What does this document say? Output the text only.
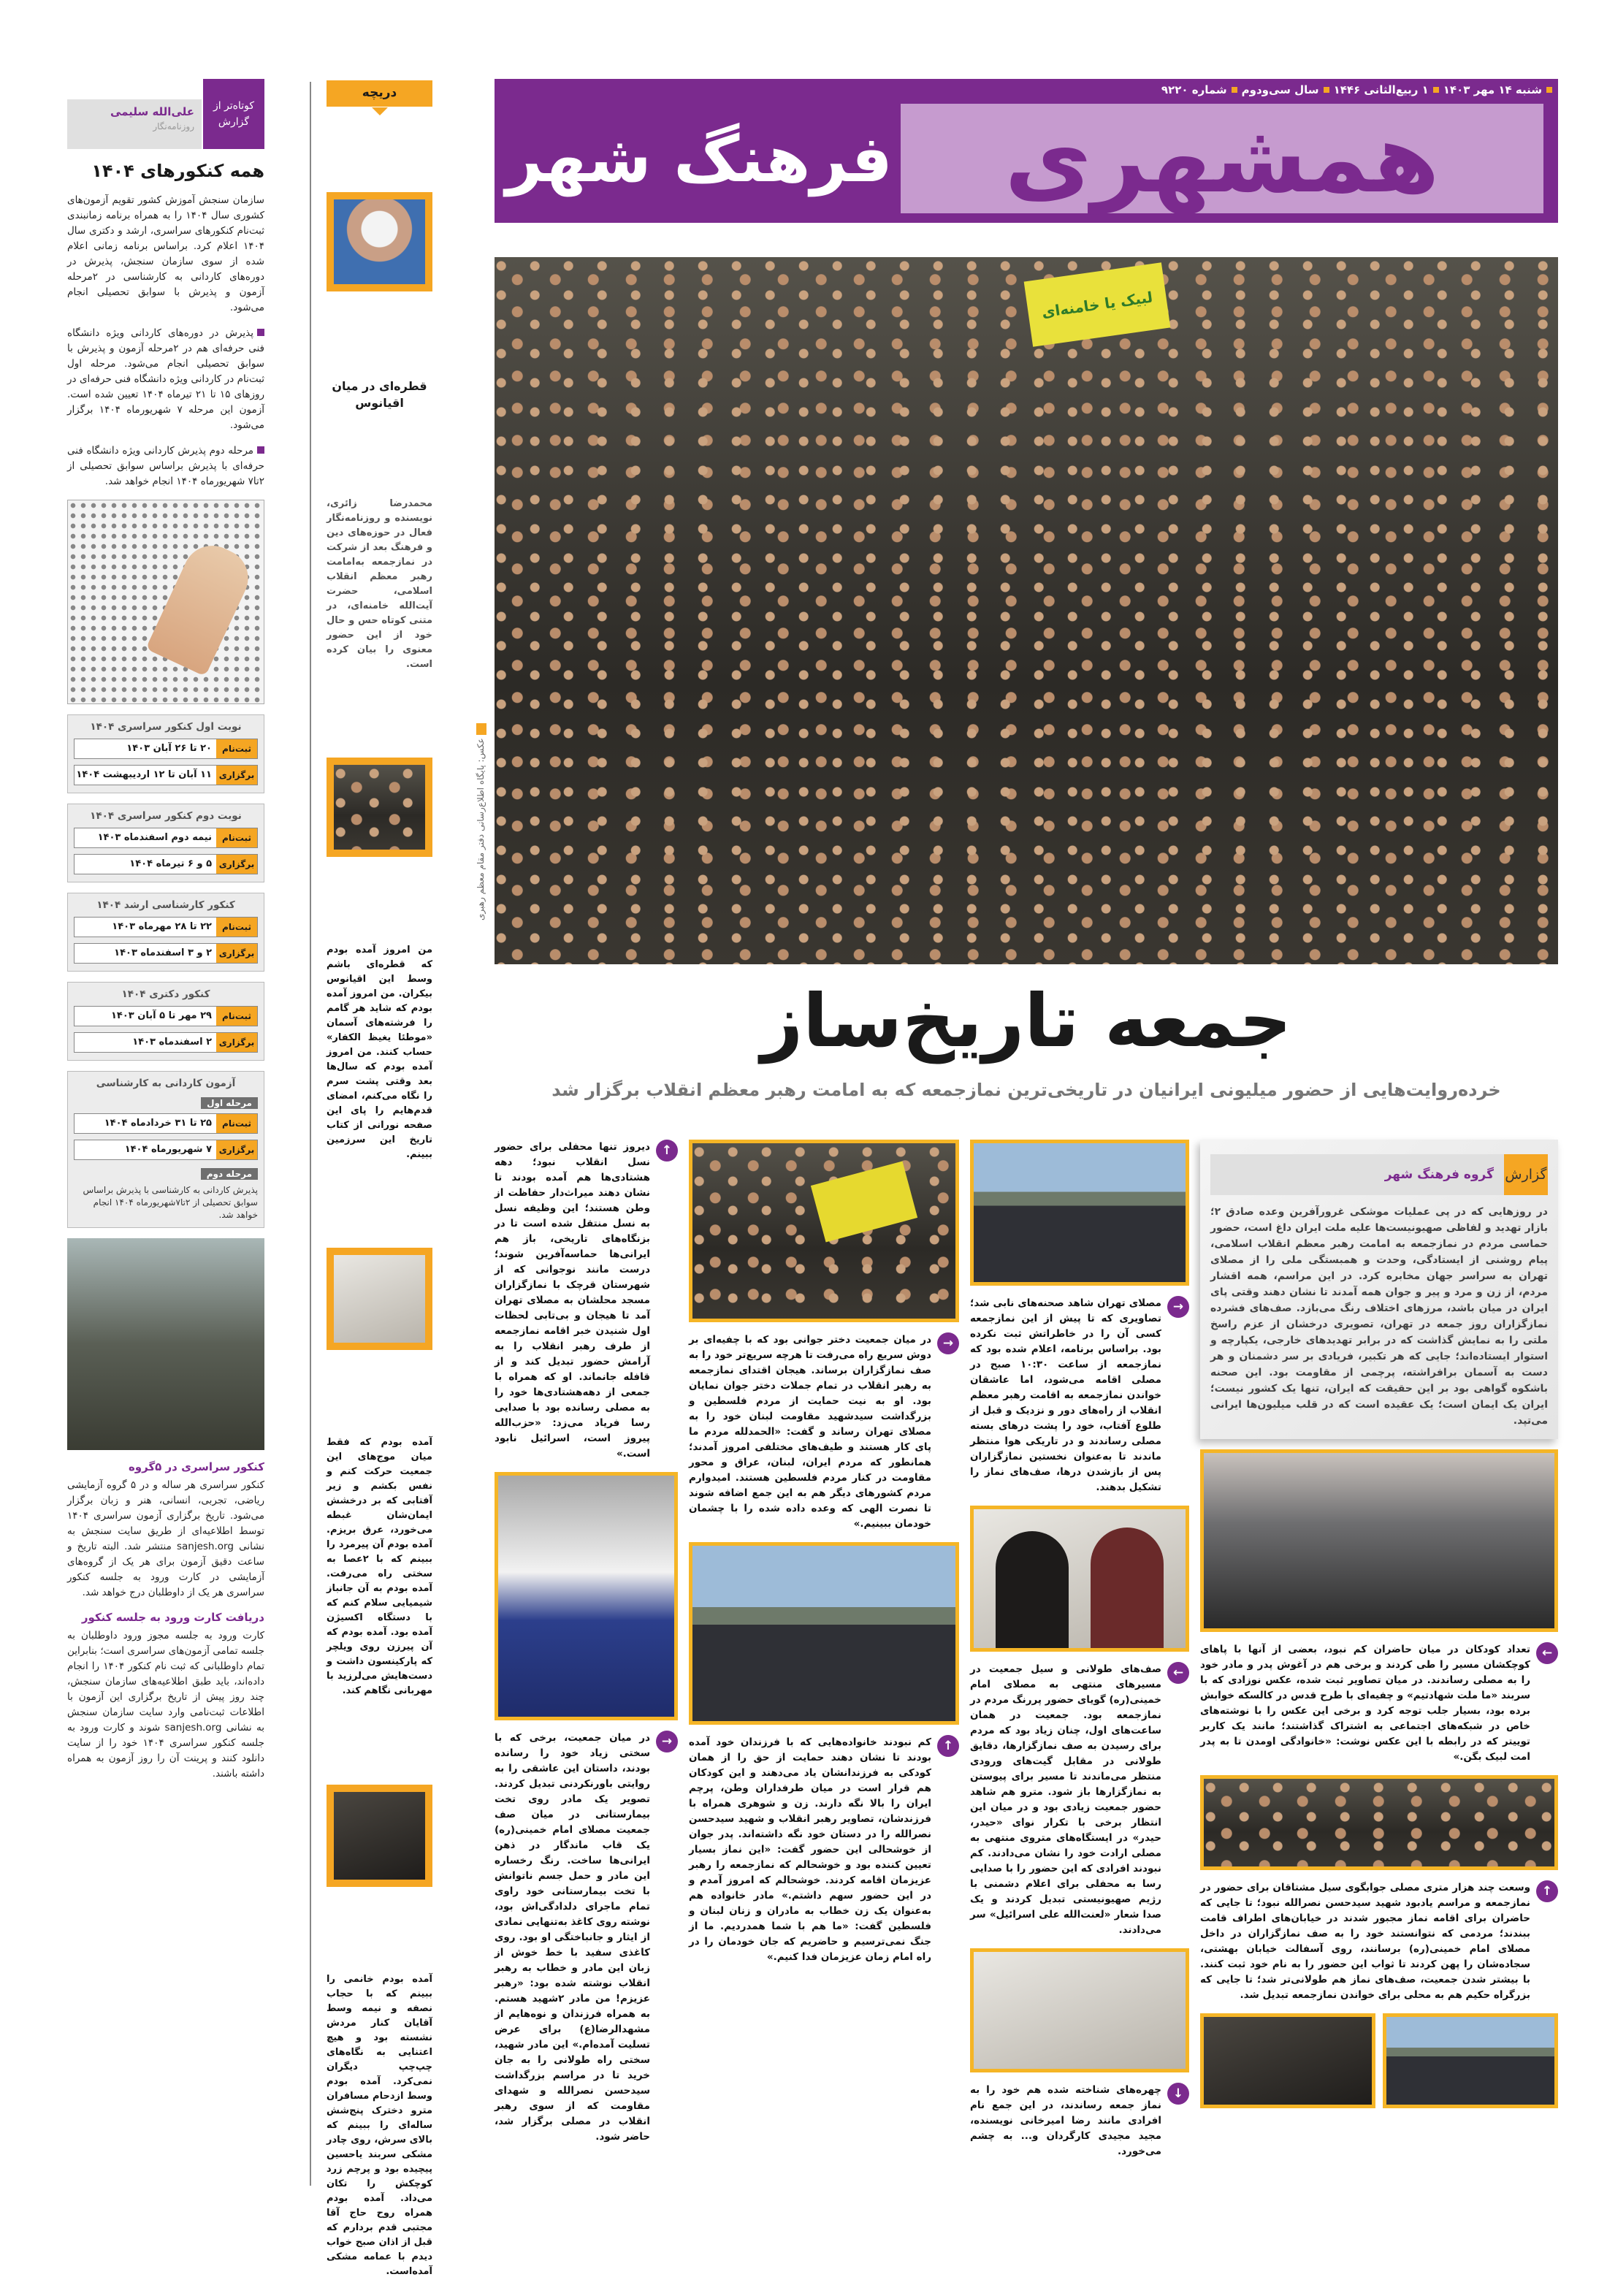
شنبه ۱۴ مهر ۱۴۰۳
۱ ربیع‌الثانی ۱۴۴۶
سال سی‌ودوم
شماره ۹۲۲۰
همشهری
فرهنگ شهر
لبیک یا خامنه‌ای
عکس: پایگاه اطلاع‌رسانی دفتر مقام معظم رهبری
جمعه تاریخ‌ساز
خرده‌روایت‌هایی از حضور میلیونی ایرانیان در تاریخی‌ترین نمازجمعه که به امامت رهبر معظم انقلاب برگزار شد
گزارش
گروه فرهنگ شهر
در روزهایی که در پی عملیات موشکی غرورآفرین وعده صادق ۲؛ بازار تهدید و لفاظی صهیونیست‌ها علیه ملت ایران داغ است، حضور حماسی مردم در نمازجمعه به امامت رهبر معظم انقلاب اسلامی، پیام روشنی از ایستادگی، وحدت و همبستگی ملی را از مصلای تهران به سراسر جهان مخابره کرد. در این مراسم، همه اقشار مردم، از زن و مرد و پیر و جوان همه آمدند تا نشان دهند وقتی پای ایران در میان باشد، مرزهای اختلاف رنگ می‌بازد. صف‌های فشرده نمازگزاران روز جمعه در تهران، تصویری درخشان از عزم راسخ ملتی را به نمایش گذاشت که در برابر تهدیدهای خارجی، یکپارچه و استوار ایستاده‌اند؛ جایی که هر تکبیر، فریادی بر سر دشمنان و هر دست به آسمان برافراشته، پرچمی از مقاومت بود. این صحنه باشکوه گواهی بود بر این حقیقت که ایران، تنها یک کشور نیست؛ ایران یک ایمان است؛ یک عقیده است که در قلب میلیون‌ها ایرانی می‌تپد.
←
تعداد کودکان در میان حاضران کم نبود، بعضی از آنها با پاهای کوچکشان مسیر را طی کردند و برخی هم در آغوش پدر و مادر خود را به مصلی رساندند. در میان تصاویر ثبت شده، عکس نوزادی که با سربند «ما ملت شهادتیم» و چفیه‌ای با طرح قدس در کالسکه خوابش برده بود، بسیار جلب توجه کرد و برخی این عکس را با نوشته‌های خاص در شبکه‌های اجتماعی به اشتراک گذاشتند؛ مانند یک کاربر توییتر که در رابطه با این عکس نوشت: «خانوادگی اومدن تا به پدر امت لبیک بگن.»
↑
وسعت چند هزار متری مصلی جوابگوی سیل مشتاقان برای حضور در نمازجمعه و مراسم یادبود شهید سیدحسن نصرالله نبود؛ تا جایی که حاضران برای اقامه نماز مجبور شدند در خیابان‌های اطراف قامت ببندند؛ مردمی که نتوانستند خود را به صف نمازگزاران در داخل مصلای امام خمینی(ره) برسانند، روی آسفالت خیابان بهشتی، سجاده‌شان را پهن کردند تا ثواب این حضور را به نام خود ثبت کنند. با بیشتر شدن جمعیت، صف‌های نماز هم طولانی‌تر شد؛ تا جایی که بزرگراه حکیم هم به محلی برای خواندن نمازجمعه تبدیل شد.
→
مصلای تهران شاهد صحنه‌های نابی شد؛ تصاویری که تا پیش از این نمازجمعه کسی آن را در خاطراتش ثبت نکرده بود. براساس برنامه، اعلام شده بود که نمازجمعه از ساعت ۱۰:۳۰ صبح در مصلی اقامه می‌شود، اما عاشقان خواندن نمازجمعه به اقامت رهبر معظم انقلاب از راه‌های دور و نزدیک و قبل از طلوع آفتاب، خود را پشت درهای بسته مصلی رساندند و در تاریکی هوا منتظر ماندند تا به‌عنوان نخستین نمازگزاران پس از بازشدن درها، صف‌های نماز را تشکیل بدهند.
←
صف‌های طولانی و سیل جمعیت در مسیرهای منتهی به مصلای امام خمینی(ره) گویای حضور پررنگ مردم در نمازجمعه بود. جمعیت در همان ساعت‌های اول، چنان زیاد بود که مردم برای رسیدن به صف نمازگزارها، دقایق طولانی در مقابل گیت‌های ورودی منتظر می‌ماندند تا مسیر برای پیوستن به نمازگزارها باز شود. مترو هم شاهد حضور جمعیت زیادی بود و در میان این انتظار برخی با تکرار نوای «حیدر، حیدر» در ایستگاه‌های متروی منتهی به مصلی ارادت خود را نشان می‌دادند. کم نبودند افرادی که این حضور را با صدایی رسا به محفلی برای اعلام دشمنی با رژیم صهیونیستی تبدیل کردند و یک صدا شعار «لعنت‌الله علی اسرائیل» سر می‌دادند.
↓
چهره‌های شناخته شده هم خود را به نماز جمعه رساندند، در این جمع نام افرادی مانند رضا امیرخانی نویسنده، مجید مجیدی کارگردان و... به چشم می‌خورد.
→
در میان جمعیت دختر جوانی بود که با چفیه‌ای بر دوش سریع راه می‌رفت تا هرچه سریع‌تر خود را به صف نمازگزاران برساند. هیجان اقتدای نمازجمعه به رهبر انقلاب در تمام جملات دختر جوان نمایان بود. او به نیت حمایت از مردم فلسطین و بزرگداشت سیدشهید مقاومت لبنان خود را به مصلای تهران رساند و گفت: «الحمدلله مردم ما پای کار هستند و طیف‌های مختلفی امروز آمدند؛ همانطور که مردم ایران، لبنان، عراق و محور مقاومت در کنار مردم فلسطین هستند. امیدوارم مردم کشورهای دیگر هم به این جمع اضافه شوند تا نصرت الهی که وعده داده شده را با چشمان خودمان ببینیم.»
↑
کم نبودند خانواده‌هایی که با فرزندان خود آمده بودند تا نشان دهند حمایت از حق را از همان کودکی به فرزندانشان یاد می‌دهند و این کودکان هم قرار است در میان طرفداران وطن، پرچم ایران را بالا نگه دارند. زن و شوهری همراه با فرزندشان، تصاویر رهبر انقلاب و شهید سیدحسن نصرالله را در دستان خود نگه داشته‌اند. پدر جوان از خوشحالی این حضور گفت: «این نماز بسیار تعیین کننده بود و خوشحالم که نمازجمعه را رهبر عزیزمان اقامه کردند. خوشحالم که امروز آمدم و در این حضور سهم داشتم.» مادر خانواده هم به‌عنوان یک زن خطاب به مادران و زنان لبنان و فلسطین گفت: «ما هم با شما همدردیم. ما از جنگ نمی‌ترسیم و حاضریم که جان خودمان را در راه امام زمان عزیزمان فدا کنیم.»
↑
دیروز تنها محفلی برای حضور نسل انقلاب نبود؛ دهه هشتادی‌ها هم آمده بودند تا نشان دهند میراث‌دار حفاظت از وطن هستند؛ این وظیفه نسل به نسل منتقل شده است تا در بزنگاه‌های تاریخی، باز هم ایرانی‌ها حماسه‌آفرین شوند؛ درست مانند نوجوانی که از شهرستان قرچک با نمازگزاران مسجد محلشان به مصلای تهران آمد تا هیجان و بی‌تابی لحظات اول شنیدن خبر اقامه نمازجمعه از طرف رهبر انقلاب را به آرامش حضور تبدیل کند و از قافله جانماند. او که همراه با جمعی از دهه‌هشتادی‌ها خود را به مصلی رسانده بود با صدایی رسا فریاد می‌زد: «حزب‌الله پیروز است، اسرائیل نابود است.»
→
در میان جمعیت، برخی که با سختی زیاد خود را رسانده بودند، داستان این عاشقی را به روایتی باورنکردنی تبدیل کردند. تصویر یک مادر روی تخت بیمارستانی در میان صف جمعیت مصلای امام خمینی(ره) یک قاب ماندگار در ذهن ایرانی‌ها ساخت. رنگ رخساره این مادر و حمل جسم ناتوانش با تخت بیمارستانی خود راوی تمام ماجرای دلدادگی‌اش بود، نوشته روی کاغذ به‌تنهایی نمادی از ایثار و جانباختگی او بود. روی کاغذی سفید با خط خوش از زبان این مادر و خطاب به رهبر انقلاب نوشته شده بود: «رهبر عزیزم! من مادر ۲شهید هستم. به همراه فرزندان و نوه‌هایم از مشهدالرضا(ع) برای عرض تسلیت آمده‌ام.» این مادر شهید، سختی راه طولانی را به جان خرید تا در مراسم بزرگداشت سیدحسن نصرالله و شهدای مقاومت که از سوی رهبر انقلاب در مصلی برگزار شد، حاضر شود.
دریچه
قطره‌ای در میان اقیانوس
محمدرضا زائری، نویسنده و روزنامه‌نگار فعال در حوزه‌های دین و فرهنگ بعد از شرکت در نمازجمعه به‌امامت رهبر معظم انقلاب اسلامی، حضرت آیت‌الله خامنه‌ای، در متنی کوتاه حس و حال خود از این حضور معنوی را بیان کرده است.
من امروز آمده بودم که قطره‌ای باشم وسط این اقیانوس بیکران. من امروز آمده بودم که شاید هر گامم را فرشته‌های آسمان «موطئا یغیظ الکفار» حساب کنند. من امروز آمده بودم که سال‌ها بعد وقتی پشت سرم را نگاه می‌کنم، امضای قدم‌هایم را پای این صفحه نورانی از کتاب تاریخ این سرزمین ببینم.
آمده بودم که فقط میان موج‌های این جمعیت حرکت کنم و نفس بکشم و زیر آفتابی که بر درخشش ایمان‌شان غبطه می‌خورد، عرق بریزم. آمده بودم آن پیرمرد را ببینم که با ۲عصا به سختی راه می‌رفت. آمده بودم به آن جانباز شیمیایی سلام کنم که با دستگاه اکسیژن آمده بود. آمده بودم که آن پیرزن روی ویلچر که پارکینسون داشت و دست‌هایش می‌لرزید با مهربانی نگاهم کند.
آمده بودم خانمی را ببینم که با حجاب نصفه و نیمه وسط آقایان کنار مردش نشسته بود و هیچ اعتنایی به نگاه‌های چپ‌چپ دیگران نمی‌کرد. آمده بودم وسط ازدحام مسافران مترو دخترک پنج‌شش ساله‌ای را ببینم که بالای سرش، روی چادر مشکی سربند یاحسین پیچیده بود و پرچم زرد کوچکش را تکان می‌داد. آمده بودم همراه روح حاج آقا مجتبی قدم بردارم که قبل از اذان صبح خواب دیدم با عمامه مشکی آمده‌است.
کوتاه‌تر از گزارش
علی‌الله سلیمی
روزنامه‌نگار
همه کنکورهای ۱۴۰۴
سازمان سنجش آموزش کشور تقویم آزمون‌های کشوری سال ۱۴۰۴ را به همراه برنامه زمانبندی ثبت‌نام کنکورهای سراسری، ارشد و دکتری سال ۱۴۰۴ اعلام کرد. براساس برنامه زمانی اعلام شده از سوی سازمان سنجش، پذیرش در دوره‌های کاردانی به کارشناسی در ۲مرحله آزمون و پذیرش با سوابق تحصیلی انجام می‌شود.
پذیرش در دوره‌های کاردانی ویژه دانشگاه فنی حرفه‌ای هم در ۲مرحله آزمون و پذیرش با سوابق تحصیلی انجام می‌شود. مرحله اول ثبت‌نام در کاردانی ویژه دانشگاه فنی حرفه‌ای در روزهای ۱۵ تا ۲۱ تیرماه ۱۴۰۴ تعیین شده است. آزمون این مرحله ۷ شهریورماه ۱۴۰۴ برگزار می‌شود.
مرحله دوم پذیرش کاردانی ویژه دانشگاه فنی حرفه‌ای با پذیرش براساس سوابق تحصیلی از ۲تا۷ شهریورماه ۱۴۰۴ انجام خواهد شد.
نوبت اول کنکور سراسری ۱۴۰۴
ثبت‌نام
۲۰ تا ۲۶ آبان ۱۴۰۳
برگزاری
۱۱ آبان تا ۱۲ اردیبهشت ۱۴۰۴
نوبت دوم کنکور سراسری ۱۴۰۴
ثبت‌نام
نیمه دوم اسفندماه ۱۴۰۳
برگزاری
۵ و ۶ تیرماه ۱۴۰۴
کنکور کارشناسی ارشد ۱۴۰۴
ثبت‌نام
۲۲ تا ۲۸ مهرماه ۱۴۰۳
برگزاری
۲ و ۳ اسفندماه ۱۴۰۳
کنکور دکتری ۱۴۰۴
ثبت‌نام
۲۹ مهر تا ۵ آبان ۱۴۰۳
برگزاری
۲ اسفندماه ۱۴۰۳
آزمون کاردانی به کارشناسی
مرحله اول
ثبت‌نام
۲۵ تا ۳۱ خردادماه ۱۴۰۴
برگزاری
۷ شهریورماه ۱۴۰۴
مرحله دوم
پذیرش کاردانی به کارشناسی با پذیرش براساس سوابق تحصیلی از ۲تا۷شهریورماه ۱۴۰۴ انجام خواهد شد.
کنکور سراسری در ۵گروه
کنکور سراسری هر ساله و در ۵ گروه آزمایشی ریاضی، تجربی، انسانی، هنر و زبان برگزار می‌شود. تاریخ برگزاری آزمون سراسری ۱۴۰۴ توسط اطلاعیه‌ای از طریق سایت سنجش به نشانی sanjesh.org منتشر شد. البته تاریخ و ساعت دقیق آزمون برای هر یک از گروه‌های آزمایشی در کارت ورود به جلسه کنکور سراسری هر یک از داوطلبان درج خواهد شد.
دریافت کارت ورود به جلسه کنکور
کارت ورود به جلسه مجوز ورود داوطلبان به جلسه تمامی آزمون‌های سراسری است؛ بنابراین تمام داوطلبانی که ثبت نام کنکور ۱۴۰۴ را انجام داده‌اند، باید طبق اطلاعیه‌های سازمان سنجش، چند روز پیش از تاریخ برگزاری این آزمون با اطلاعات ثبت‌نامی وارد سایت سازمان سنجش به نشانی sanjesh.org شوند و کارت ورود به جلسه کنکور سراسری ۱۴۰۴ خود را از سایت دانلود کنند و پرینت آن را روز آزمون به همراه داشته باشند.
